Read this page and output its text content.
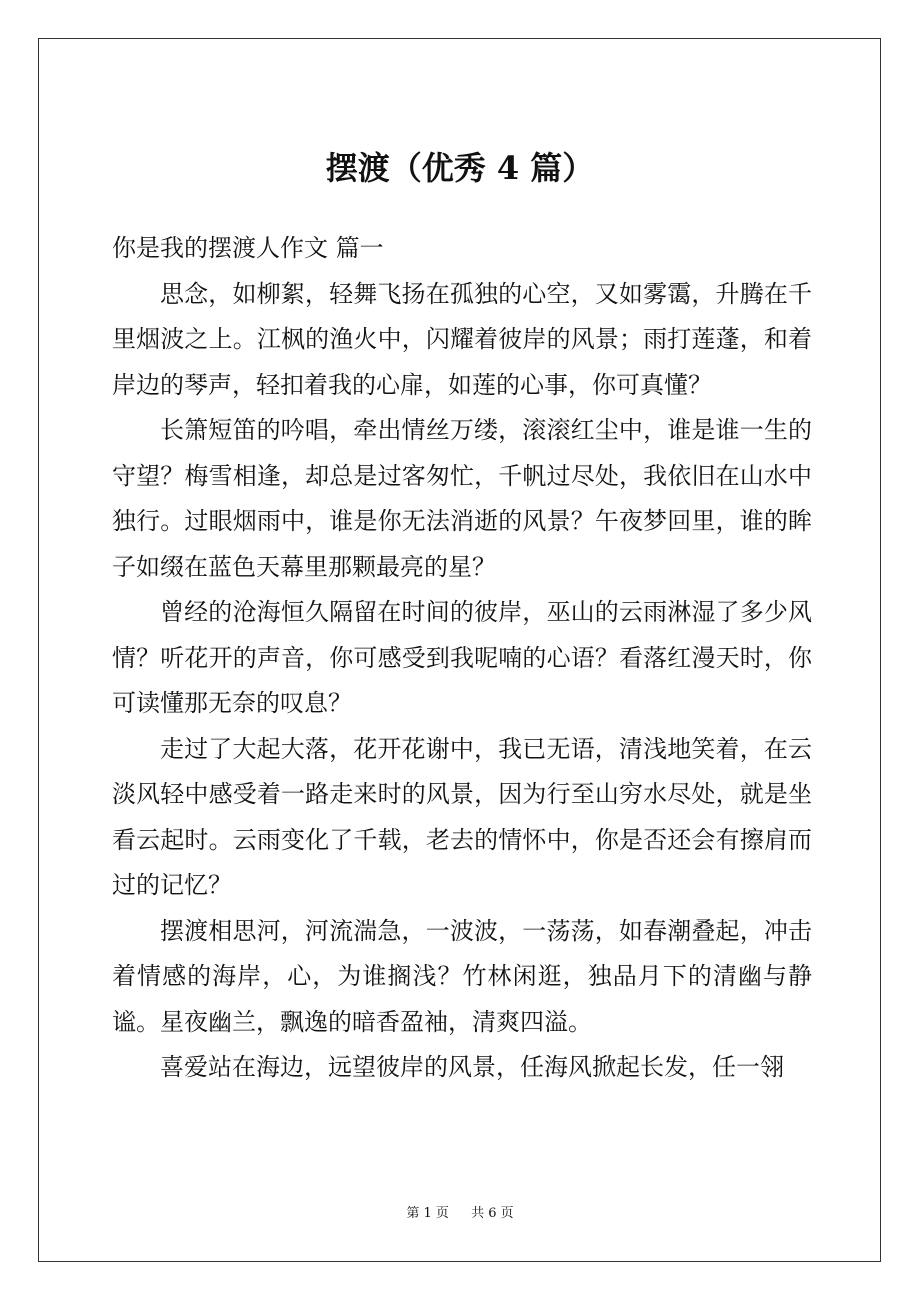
摆渡（优秀 4 篇）

你是我的摆渡人作文 篇一

思念，如柳絮，轻舞飞扬在孤独的心空，又如雾霭，升腾在千里烟波之上。江枫的渔火中，闪耀着彼岸的风景；雨打莲蓬，和着岸边的琴声，轻扣着我的心扉，如莲的心事，你可真懂？

长箫短笛的吟唱，牵出情丝万缕，滚滚红尘中，谁是谁一生的守望？梅雪相逢，却总是过客匆忙，千帆过尽处，我依旧在山水中独行。过眼烟雨中，谁是你无法消逝的风景？午夜梦回里，谁的眸子如缀在蓝色天幕里那颗最亮的星？

曾经的沧海恒久隔留在时间的彼岸，巫山的云雨淋湿了多少风情？听花开的声音，你可感受到我呢喃的心语？看落红漫天时，你可读懂那无奈的叹息？

走过了大起大落，花开花谢中，我已无语，清浅地笑着，在云淡风轻中感受着一路走来时的风景，因为行至山穷水尽处，就是坐看云起时。云雨变化了千载，老去的情怀中，你是否还会有擦肩而过的记忆？

摆渡相思河，河流湍急，一波波，一荡荡，如春潮叠起，冲击着情感的海岸，心，为谁搁浅？竹林闲逛，独品月下的清幽与静谧。星夜幽兰，飘逸的暗香盈袖，清爽四溢。

喜爱站在海边，远望彼岸的风景，任海风掀起长发，任一翎

第 1 页 共 6 页
